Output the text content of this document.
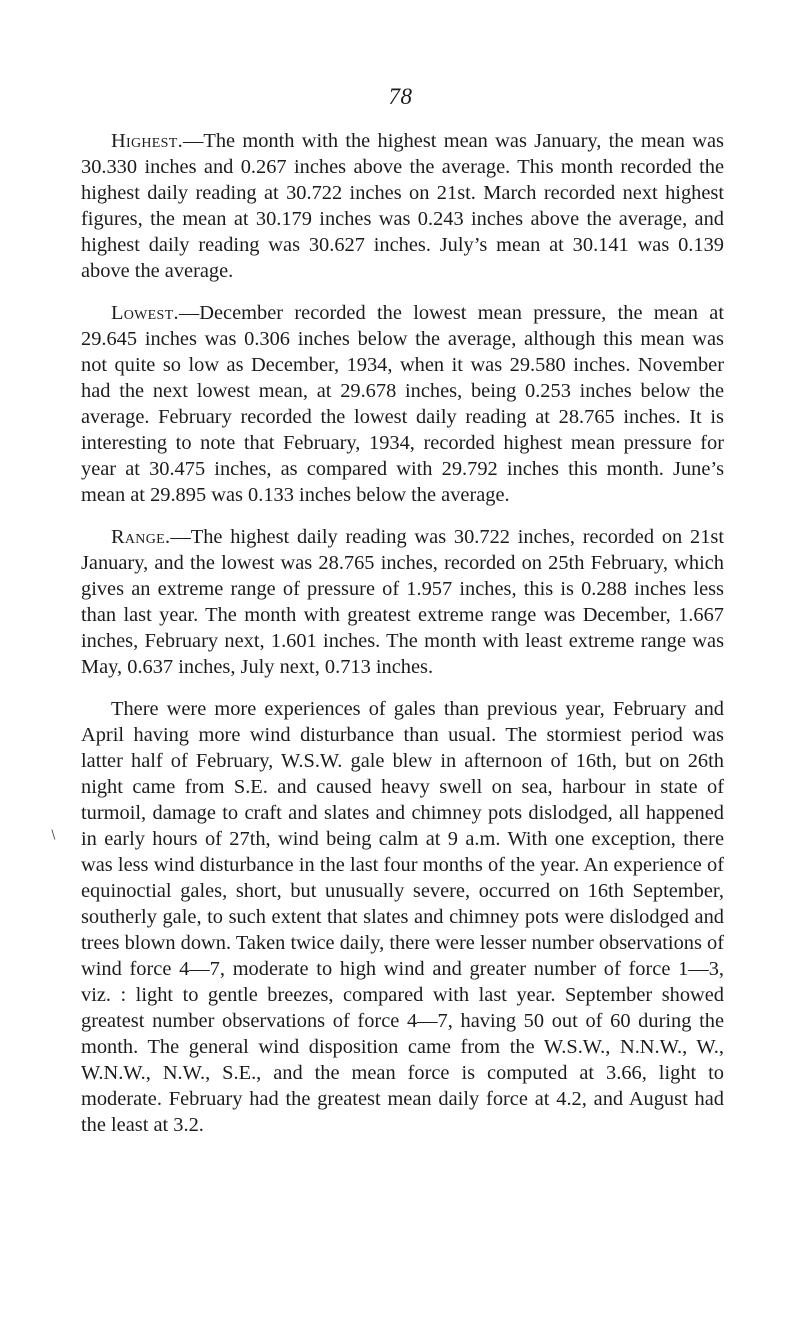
78

Highest.—The month with the highest mean was January, the mean was 30.330 inches and 0.267 inches above the average. This month recorded the highest daily reading at 30.722 inches on 21st. March recorded next highest figures, the mean at 30.179 inches was 0.243 inches above the average, and highest daily reading was 30.627 inches. July’s mean at 30.141 was 0.139 above the average.

Lowest.—December recorded the lowest mean pressure, the mean at 29.645 inches was 0.306 inches below the average, although this mean was not quite so low as December, 1934, when it was 29.580 inches. November had the next lowest mean, at 29.678 inches, being 0.253 inches below the average. February recorded the lowest daily reading at 28.765 inches. It is interesting to note that February, 1934, recorded highest mean pressure for year at 30.475 inches, as compared with 29.792 inches this month. June’s mean at 29.895 was 0.133 inches below the average.

Range.—The highest daily reading was 30.722 inches, recorded on 21st January, and the lowest was 28.765 inches, recorded on 25th February, which gives an extreme range of pressure of 1.957 inches, this is 0.288 inches less than last year. The month with greatest extreme range was December, 1.667 inches, February next, 1.601 inches. The month with least extreme range was May, 0.637 inches, July next, 0.713 inches.

There were more experiences of gales than previous year, February and April having more wind disturbance than usual. The stormiest period was latter half of February, W.S.W. gale blew in afternoon of 16th, but on 26th night came from S.E. and caused heavy swell on sea, harbour in state of turmoil, damage to craft and slates and chimney pots dislodged, all happened in early hours of 27th, wind being calm at 9 a.m. With one exception, there was less wind disturbance in the last four months of the year. An experience of equinoctial gales, short, but unusually severe, occurred on 16th September, southerly gale, to such extent that slates and chimney pots were dislodged and trees blown down. Taken twice daily, there were lesser number observations of wind force 4—7, moderate to high wind and greater number of force 1—3, viz. : light to gentle breezes, compared with last year. September showed greatest number observations of force 4—7, having 50 out of 60 during the month. The general wind disposition came from the W.S.W., N.N.W., W., W.N.W., N.W., S.E., and the mean force is computed at 3.66, light to moderate. February had the greatest mean daily force at 4.2, and August had the least at 3.2.

∖
